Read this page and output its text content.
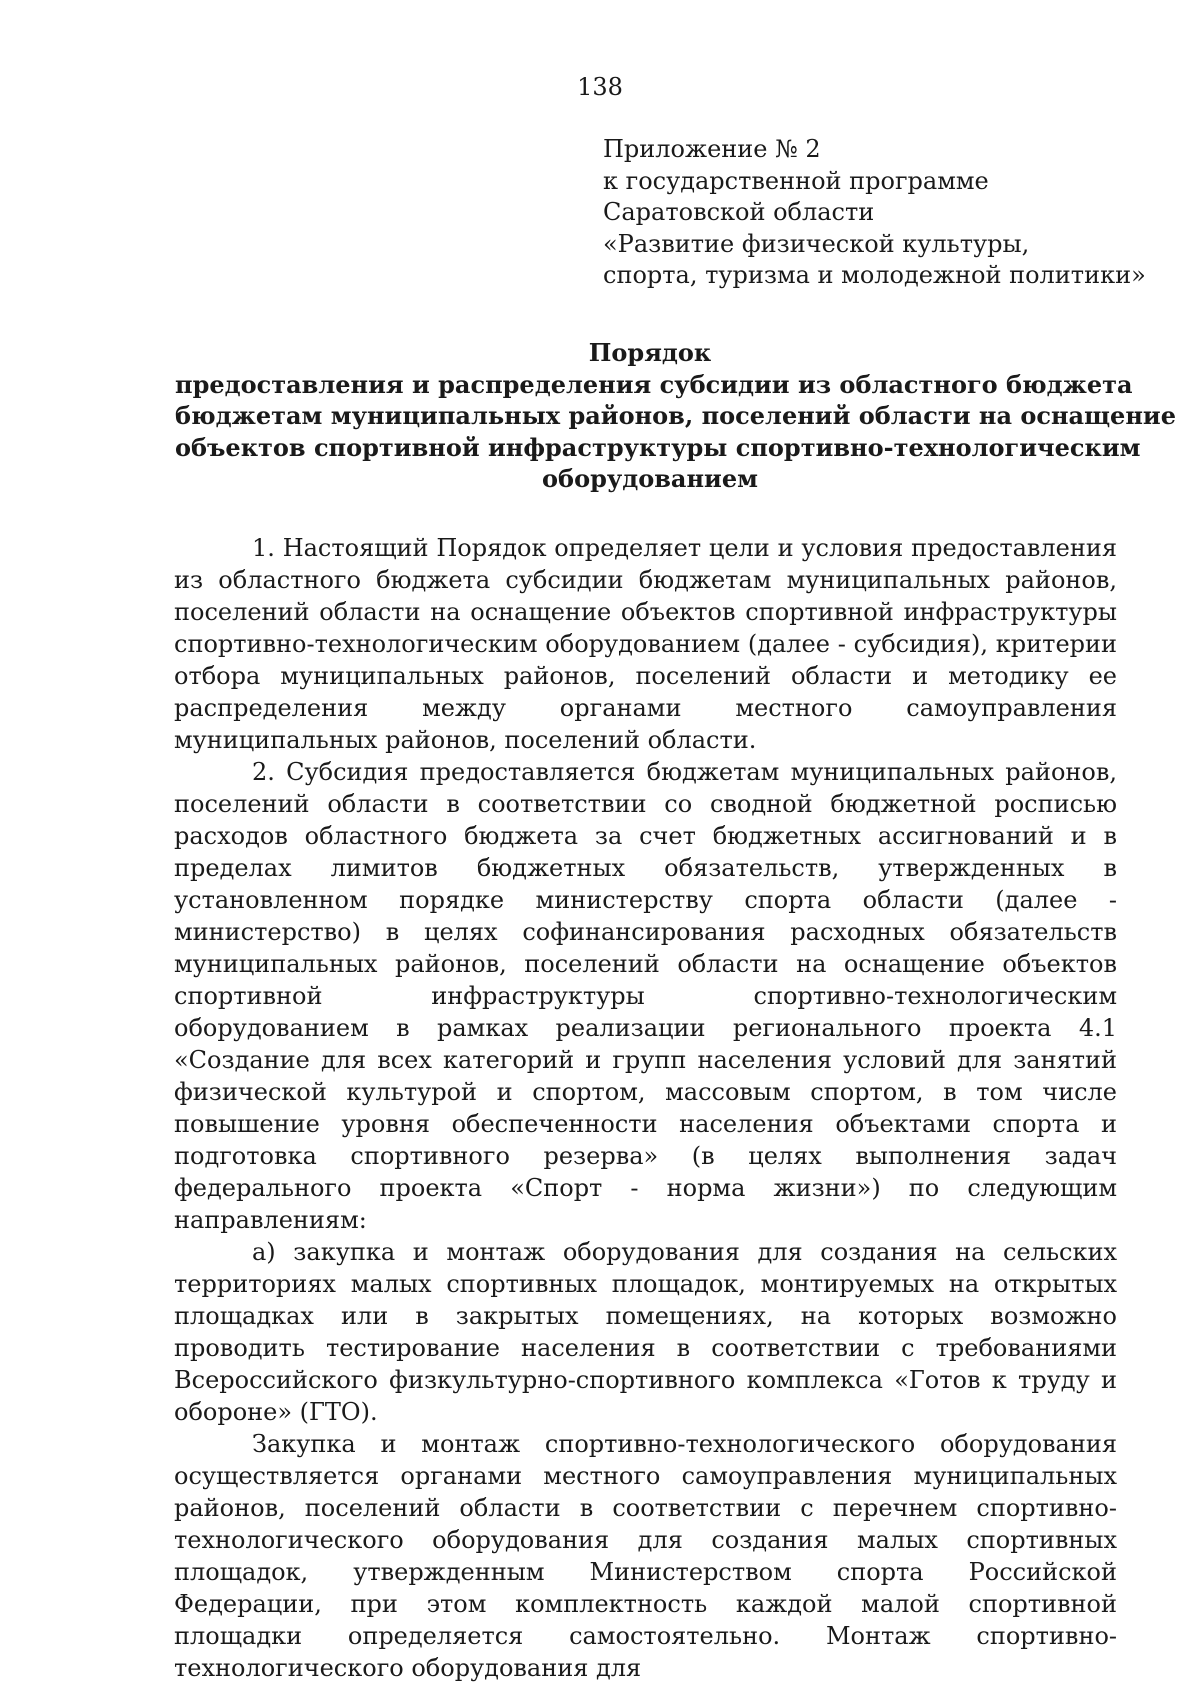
138
Приложение № 2
к государственной программе
Саратовской области
«Развитие физической культуры,
спорта, туризма и молодежной политики»
Порядок
предоставления и распределения субсидии из областного бюджета
бюджетам муниципальных районов, поселений области на оснащение
объектов спортивной инфраструктуры спортивно-технологическим
оборудованием

1. Настоящий Порядок определяет цели и условия предоставления из областного бюджета субсидии бюджетам муниципальных районов, поселений области на оснащение объектов спортивной инфраструктуры спортивно-технологическим оборудованием (далее - субсидия), критерии отбора муниципальных районов, поселений области и методику ее распределения между органами местного самоуправления муниципальных районов, поселений области.

2. Субсидия предоставляется бюджетам муниципальных районов, поселений области в соответствии со сводной бюджетной росписью расходов областного бюджета за счет бюджетных ассигнований и в пределах лимитов бюджетных обязательств, утвержденных в установленном порядке министерству спорта области (далее - министерство) в целях софинансирования расходных обязательств муниципальных районов, поселений области на оснащение объектов спортивной инфраструктуры спортивно-технологическим оборудованием в рамках реализации регионального проекта 4.1 «Создание для всех категорий и групп населения условий для занятий физической культурой и спортом, массовым спортом, в том числе повышение уровня обеспеченности населения объектами спорта и подготовка спортивного резерва» (в целях выполнения задач федерального проекта «Спорт - норма жизни») по следующим направлениям:

а) закупка и монтаж оборудования для создания на сельских территориях малых спортивных площадок, монтируемых на открытых площадках или в закрытых помещениях, на которых возможно проводить тестирование населения в соответствии с требованиями Всероссийского физкультурно-спортивного комплекса «Готов к труду и обороне» (ГТО).

Закупка и монтаж спортивно-технологического оборудования осуществляется органами местного самоуправления муниципальных районов, поселений области в соответствии с перечнем спортивно-технологического оборудования для создания малых спортивных площадок, утвержденным Министерством спорта Российской Федерации, при этом комплектность каждой малой спортивной площадки определяется самостоятельно. Монтаж спортивно-технологического оборудования для
